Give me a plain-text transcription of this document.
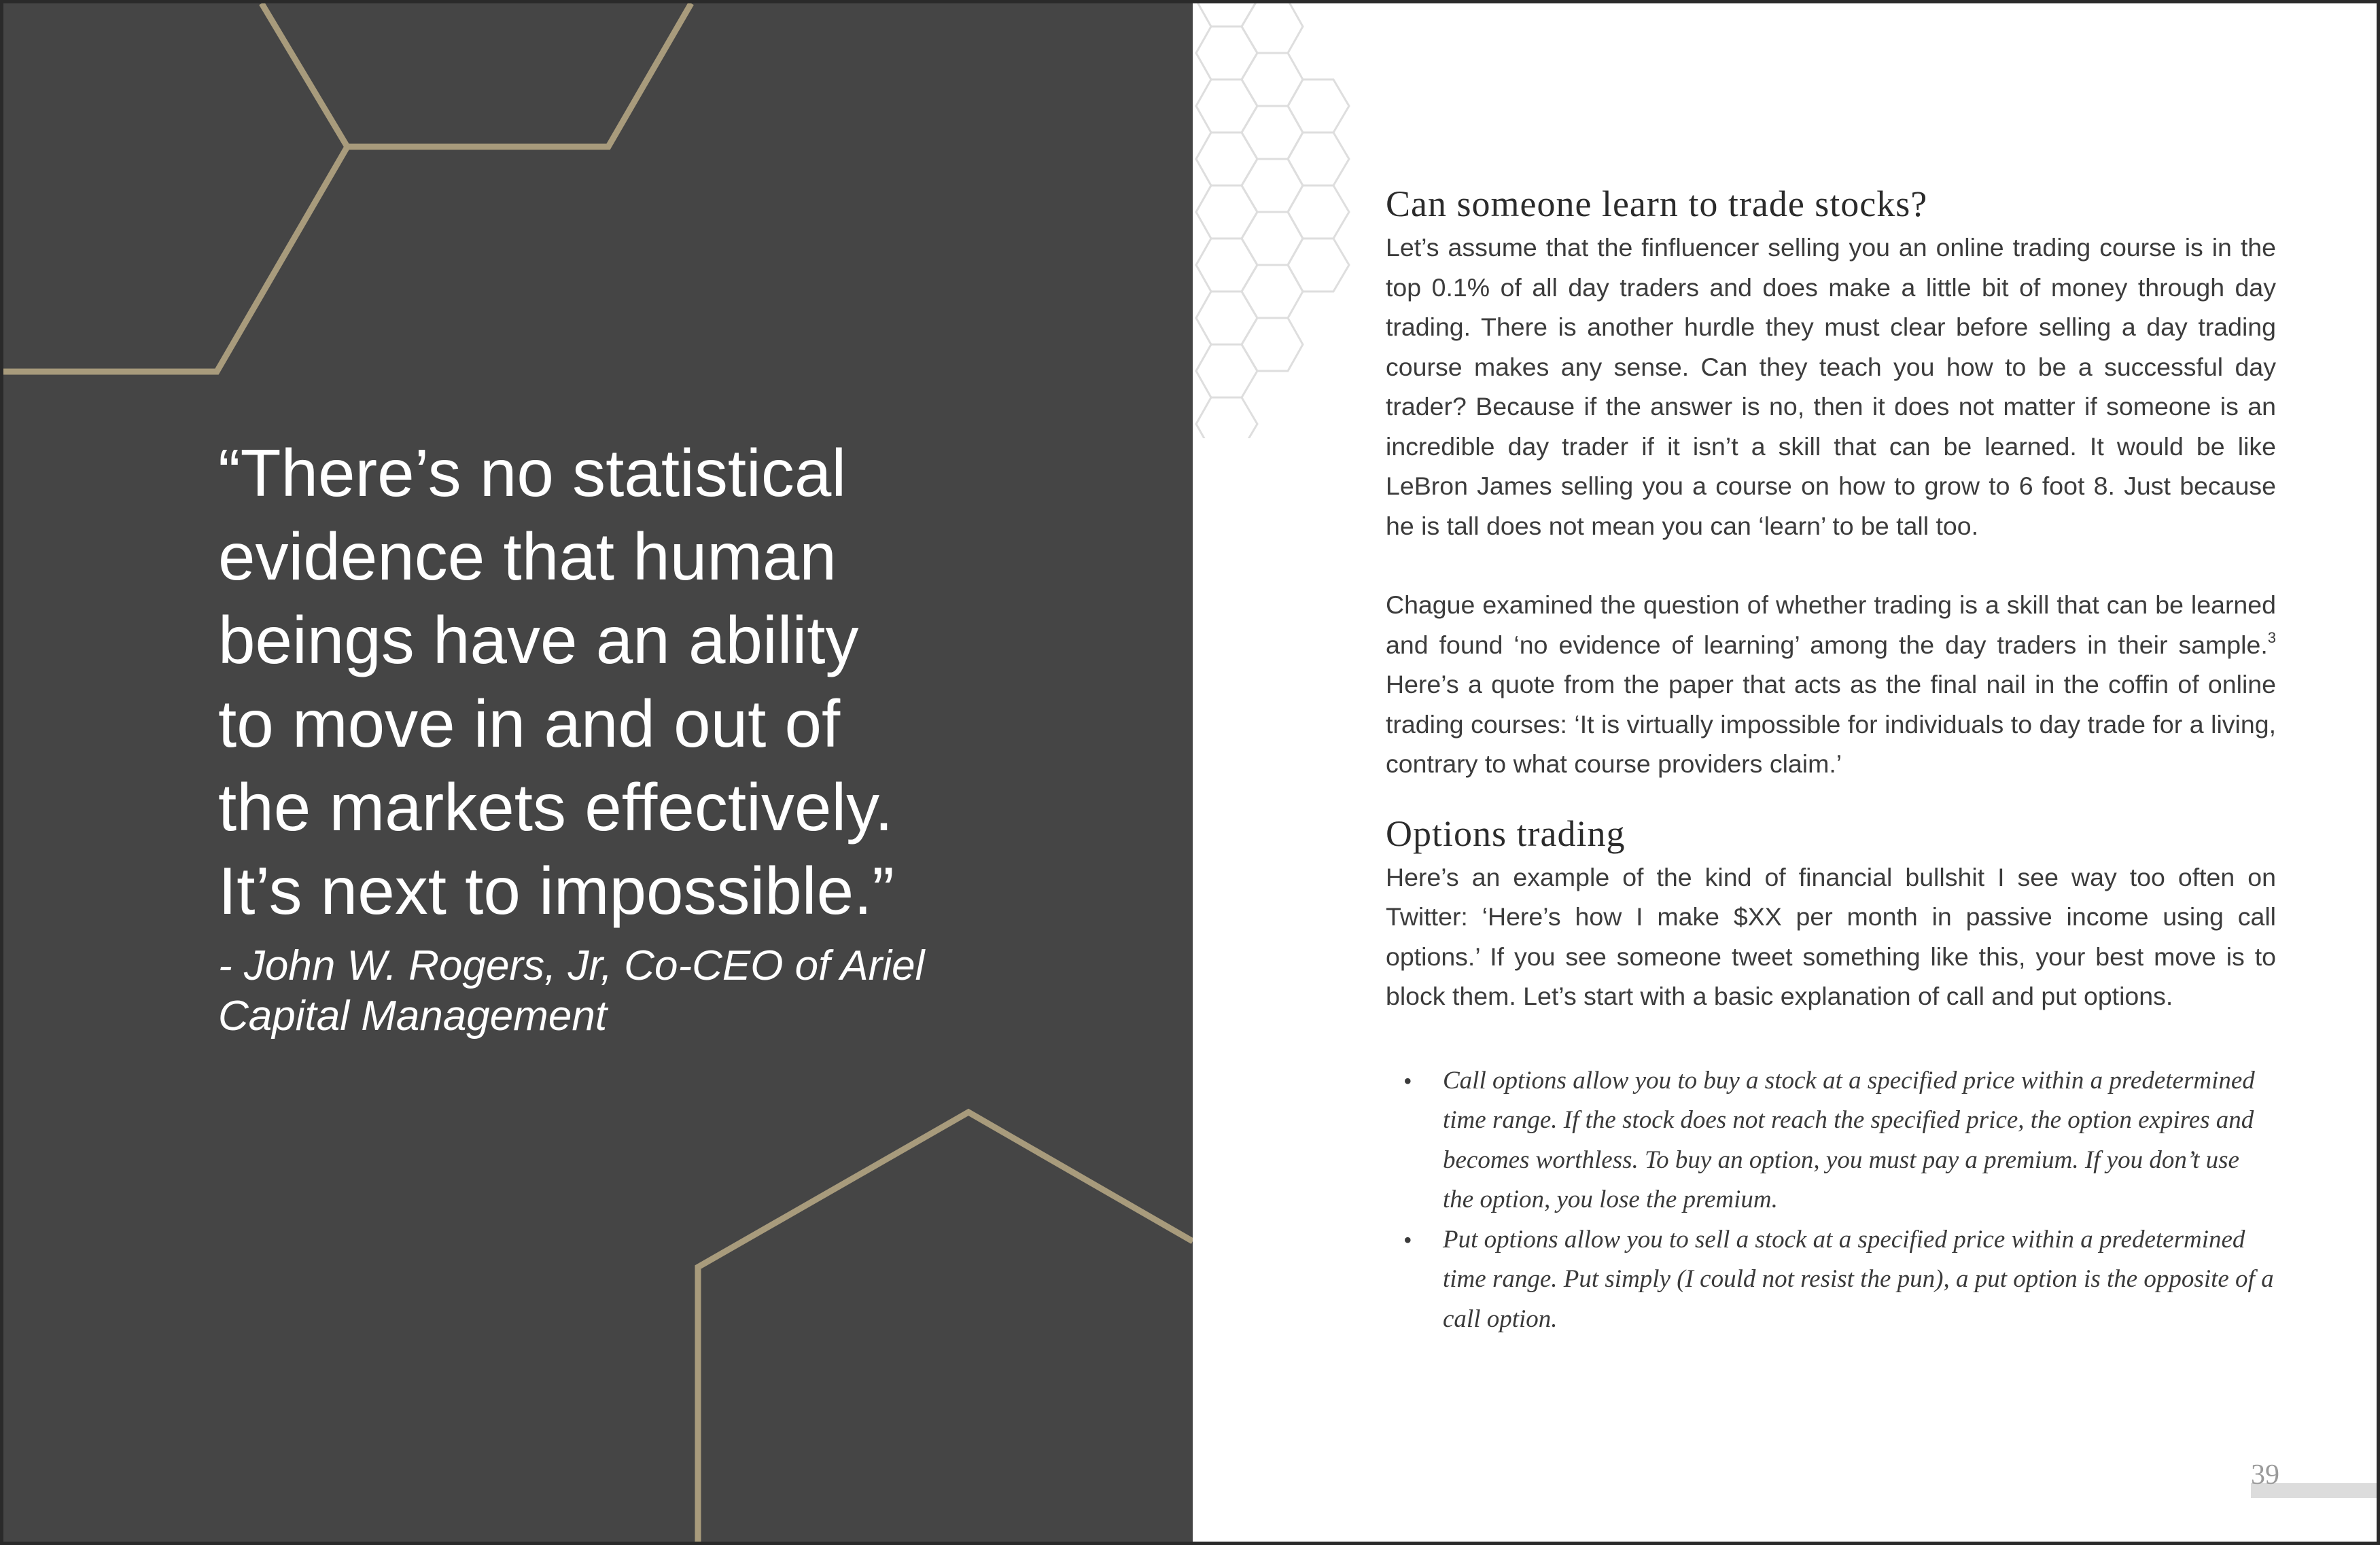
“There’s no statistical
evidence that human
beings have an ability
to move in and out of
the markets effectively.
It’s next to impossible.”

- John W. Rogers, Jr, Co-CEO of Ariel
Capital Management
Can someone learn to trade stocks?

Let’s assume that the finfluencer selling you an online trading course is in the top 0.1% of all day traders and does make a little bit of money through day trading. There is another hurdle they must clear before selling a day trading course makes any sense. Can they teach you how to be a successful day trader? Because if the answer is no, then it does not matter if someone is an incredible day trader if it isn’t a skill that can be learned. It would be like LeBron James selling you a course on how to grow to 6 foot 8. Just because he is tall does not mean you can ‘learn’ to be tall too.

Chague examined the question of whether trading is a skill that can be learned and found ‘no evidence of learning’ among the day traders in their sample.$^3$ Here’s a quote from the paper that acts as the final nail in the coffin of online trading courses: ‘It is virtually impossible for individuals to day trade for a living, contrary to what course providers claim.’

Options trading

Here’s an example of the kind of financial bullshit I see way too often on Twitter: ‘Here’s how I make $XX per month in passive income using call options.’ If you see someone tweet something like this, your best move is to block them. Let’s start with a basic explanation of call and put options.

• Call options allow you to buy a stock at a specified price within a predetermined time range. If the stock does not reach the specified price, the option expires and becomes worthless. To buy an option, you must pay a premium. If you don’t use the option, you lose the premium.
• Put options allow you to sell a stock at a specified price within a predetermined time range. Put simply (I could not resist the pun), a put option is the opposite of a call option.
39
